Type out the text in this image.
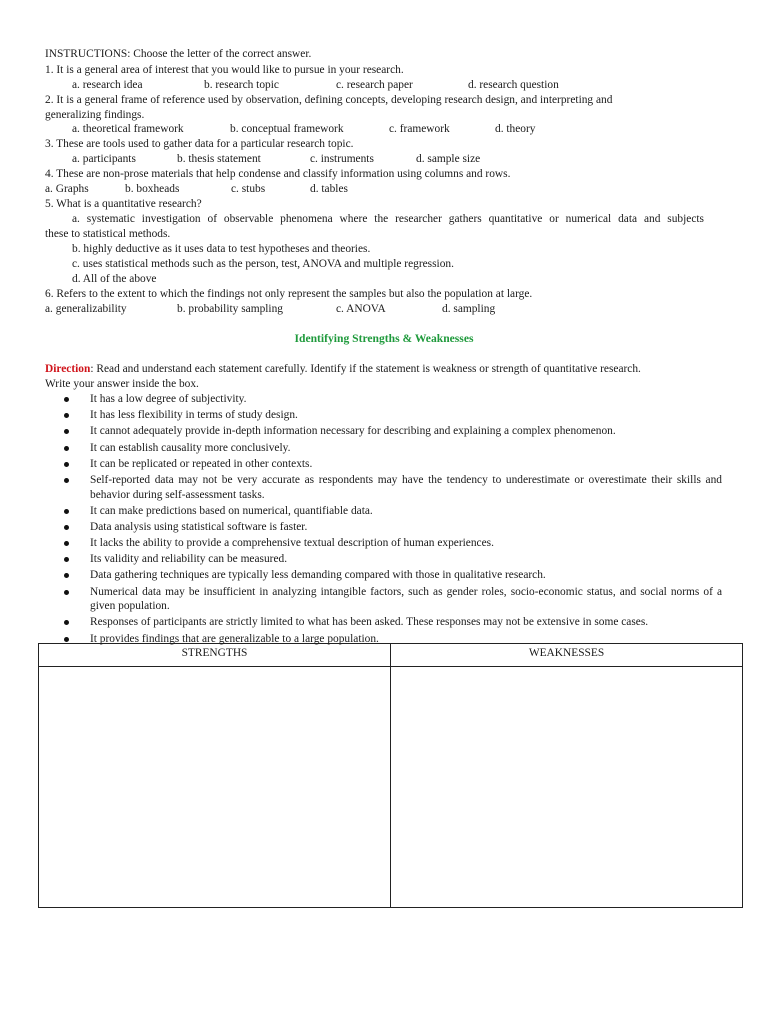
INSTRUCTIONS: Choose the letter of the correct answer.
1. It is a general area of interest that you would like to pursue in your research.
a. research idea	b. research topic	c. research paper	d. research question
2. It is a general frame of reference used by observation, defining concepts, developing research design, and interpreting and
generalizing findings.
a. theoretical framework	b. conceptual framework	c. framework	d. theory
3. These are tools used to gather data for a particular research topic.
a. participants	b. thesis statement	c. instruments	d. sample size
4. These are non-prose materials that help condense and classify information using columns and rows.
a. Graphs	b. boxheads	c. stubs	d. tables
5. What is a quantitative research?
a. systematic investigation of observable phenomena where the researcher gathers quantitative or numerical data and subjects
these to statistical methods.
b. highly deductive as it uses data to test hypotheses and theories.
c. uses statistical methods such as the person, test, ANOVA and multiple regression.
d. All of the above
6. Refers to the extent to which the findings not only represent the samples but also the population at large.
a. generalizability	b. probability sampling	c. ANOVA	d. sampling
Identifying Strengths & Weaknesses
Direction: Read and understand each statement carefully. Identify if the statement is weakness or strength of quantitative research.
Write your answer inside the box.
It has a low degree of subjectivity.
It has less flexibility in terms of study design.
It cannot adequately provide in-depth information necessary for describing and explaining a complex phenomenon.
It can establish causality more conclusively.
It can be replicated or repeated in other contexts.
Self-reported data may not be very accurate as respondents may have the tendency to underestimate or overestimate their skills and behavior during self-assessment tasks.
It can make predictions based on numerical, quantifiable data.
Data analysis using statistical software is faster.
It lacks the ability to provide a comprehensive textual description of human experiences.
Its validity and reliability can be measured.
Data gathering techniques are typically less demanding compared with those in qualitative research.
Numerical data may be insufficient in analyzing intangible factors, such as gender roles, socio-economic status, and social norms of a given population.
Responses of participants are strictly limited to what has been asked. These responses may not be extensive in some cases.
It provides findings that are generalizable to a large population.
STRENGTHS	WEAKNESSES
